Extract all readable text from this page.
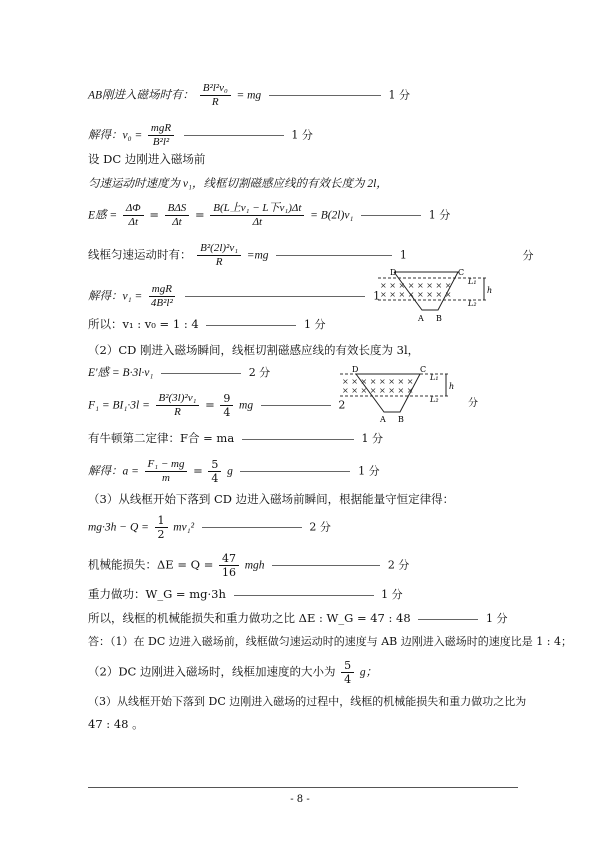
AB刚进入磁场时有： $\frac{\text{B²l²v₀}}{R}$ = mg	1 分
解得：$v_0 = \frac{\text{mgR}}{\text{B²l²}}$	1 分
设 DC 边刚进入磁场前
匀速运动时速度为 v₁，线框切割磁感应线的有效长度为 2l，
E感 = $\frac{\Delta\Phi}{\Delta t} = \frac{\text{BΔS}}{\Delta t} = \frac{\text{B(L上v₁ − L下v₁)Δt}}{\Delta t} = B(2l)v_1$	1 分
线框匀速运动时有： $\frac{\text{B²(2l)²v₁}}{R} =mg$	1	分
解得：$v_1 = \frac{\text{mgR}}{\text{4B²l²}}$	1
× × × × × × × ×
× × × × × × × ×
D	C
A B
L₁
L₂
h
所以：v₁ : v₀ = 1 : 4	1 分
（2）CD 刚进入磁场瞬间，线框切割磁感应线的有效长度为 3l，
E′感 = B·3l·v₁	2 分
× × × × × × × ×
× × × × × × × ×
D	C
A B
L₁
L₂
h
分
$F_1 = BI_1\cdot 3l = \frac{\text{B²(3l)²v₁}}{R} = \frac{9}{4}$ mg	2
有牛顿第二定律：F合 = ma	1 分
解得：$a = \frac{\text{F₁ − mg}}{m} = \frac{5}{4}$ g	1 分
（3）从线框开始下落到 CD 边进入磁场前瞬间，根据能量守恒定律得：
$mg\cdot 3h - Q = \frac{1}{2} mv_1^2$	2 分
机械能损失：$\Delta E = Q = \frac{47}{16}$ mgh	2 分
重力做功：W_G = mg·3h	1 分
所以，线框的机械能损失和重力做功之比 ΔE : W_G = 47 : 48	1 分
答：（1）在 DC 边进入磁场前，线框做匀速运动时的速度与 AB 边刚进入磁场时的速度比是 1 : 4；
（2）DC 边刚进入磁场时，线框加速度的大小为 $\frac{5}{4}$ g；
（3）从线框开始下落到 DC 边刚进入磁场的过程中，线框的机械能损失和重力做功之比为
47 : 48 。
- 8 -
